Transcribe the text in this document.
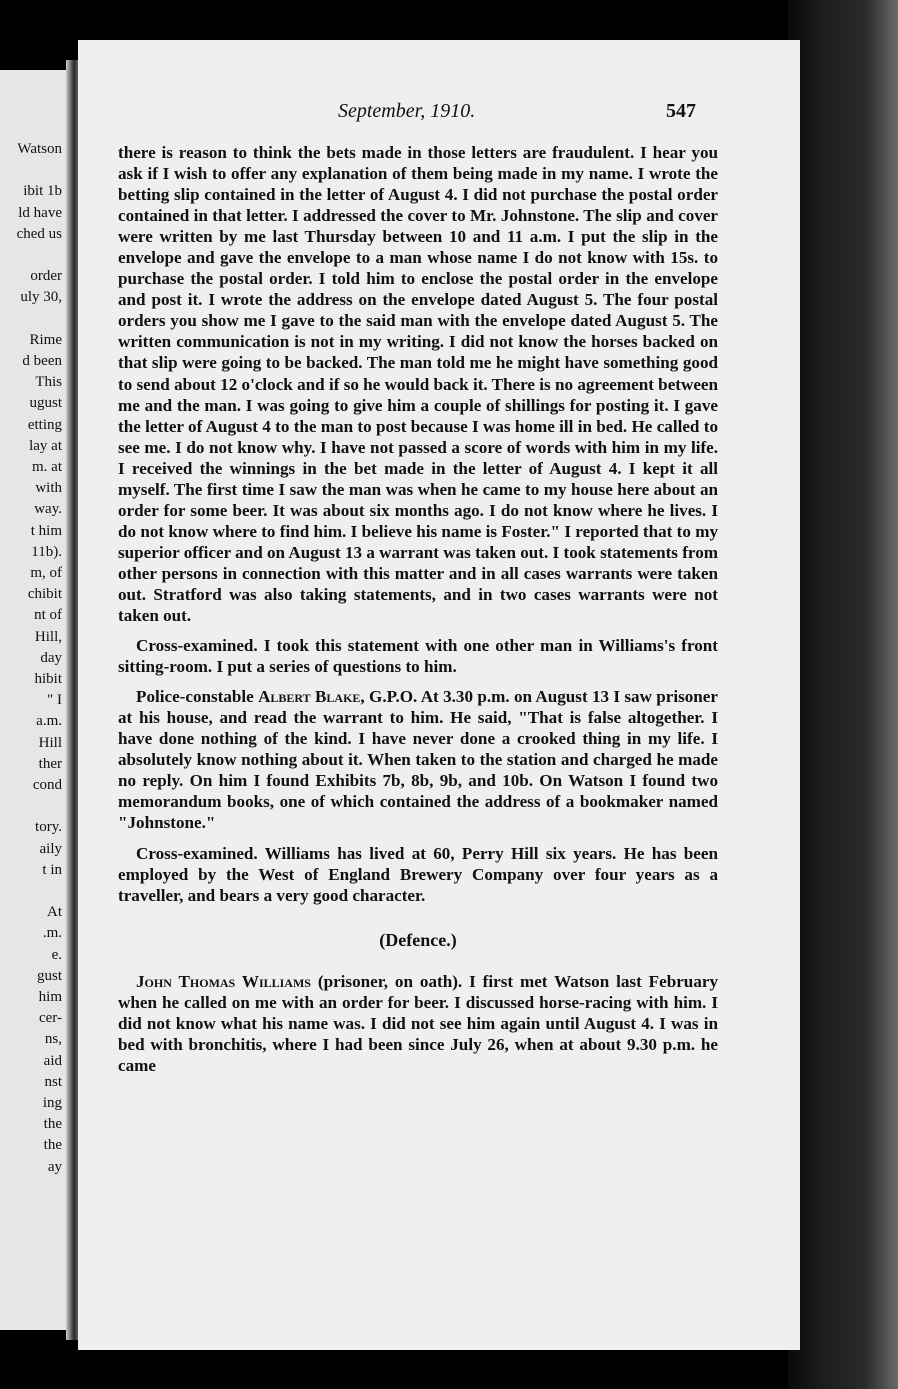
Watson
ibit 1b
ld have
ched us
order
uly 30,
Rime
d been
This
ugust
etting
lay at
m. at
with
way.
t him
11b).
m, of
chibit
nt of
Hill,
day
hibit
" I
a.m.
Hill
ther
cond
tory.
aily
t in
At
.m.
e.
gust
him
cer-
ns,
aid
nst
ing
the
the
ay
September, 1910.	547

there is reason to think the bets made in those letters are fraudulent. I hear you ask if I wish to offer any explanation of them being made in my name. I wrote the betting slip contained in the letter of August 4. I did not purchase the postal order contained in that letter. I addressed the cover to Mr. Johnstone. The slip and cover were written by me last Thursday between 10 and 11 a.m. I put the slip in the envelope and gave the envelope to a man whose name I do not know with 15s. to purchase the postal order. I told him to enclose the postal order in the envelope and post it. I wrote the address on the envelope dated August 5. The four postal orders you show me I gave to the said man with the envelope dated August 5. The written communication is not in my writing. I did not know the horses backed on that slip were going to be backed. The man told me he might have something good to send about 12 o'clock and if so he would back it. There is no agreement between me and the man. I was going to give him a couple of shillings for posting it. I gave the letter of August 4 to the man to post because I was home ill in bed. He called to see me. I do not know why. I have not passed a score of words with him in my life. I received the winnings in the bet made in the letter of August 4. I kept it all myself. The first time I saw the man was when he came to my house here about an order for some beer. It was about six months ago. I do not know where he lives. I do not know where to find him. I believe his name is Foster." I reported that to my superior officer and on August 13 a warrant was taken out. I took statements from other persons in connection with this matter and in all cases warrants were taken out. Stratford was also taking statements, and in two cases warrants were not taken out.

Cross-examined. I took this statement with one other man in Williams's front sitting-room. I put a series of questions to him.

Police-constable Albert Blake, G.P.O. At 3.30 p.m. on August 13 I saw prisoner at his house, and read the warrant to him. He said, "That is false altogether. I have done nothing of the kind. I have never done a crooked thing in my life. I absolutely know nothing about it. When taken to the station and charged he made no reply. On him I found Exhibits 7b, 8b, 9b, and 10b. On Watson I found two memorandum books, one of which contained the address of a bookmaker named "Johnstone."

Cross-examined. Williams has lived at 60, Perry Hill six years. He has been employed by the West of England Brewery Company over four years as a traveller, and bears a very good character.

(Defence.)

John Thomas Williams (prisoner, on oath). I first met Watson last February when he called on me with an order for beer. I discussed horse-racing with him. I did not know what his name was. I did not see him again until August 4. I was in bed with bronchitis, where I had been since July 26, when at about 9.30 p.m. he came
